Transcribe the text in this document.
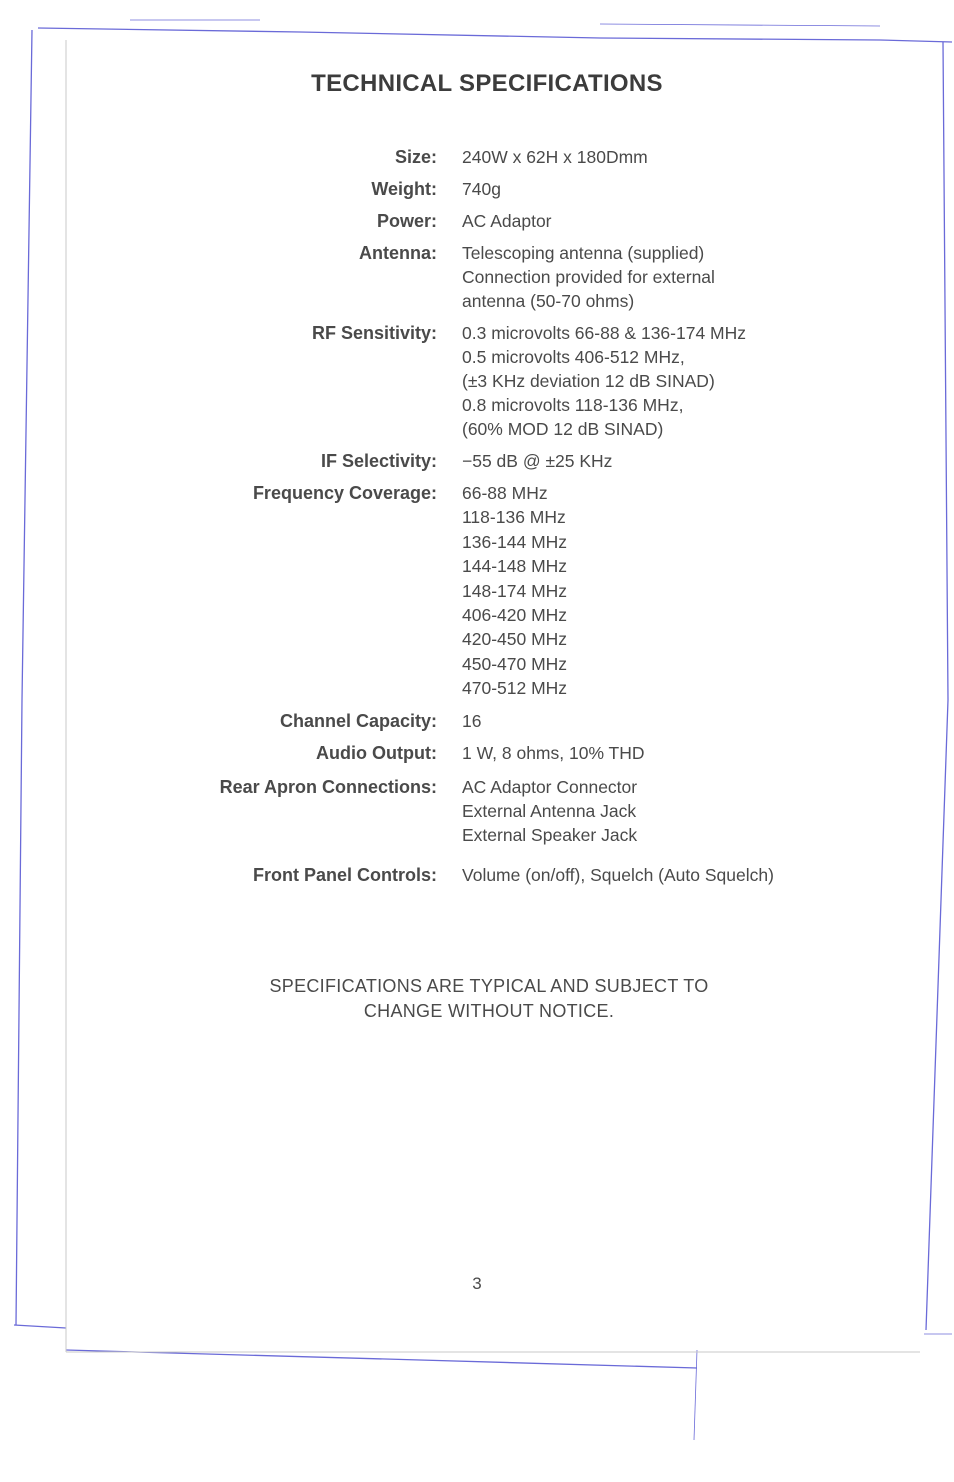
TECHNICAL SPECIFICATIONS
Size: 240W x 62H x 180Dmm
Weight: 740g
Power: AC Adaptor
Antenna: Telescoping antenna (supplied)
Connection provided for external
antenna (50-70 ohms)
RF Sensitivity: 0.3 microvolts 66-88 & 136-174 MHz
0.5 microvolts 406-512 MHz,
(±3 KHz deviation 12 dB SINAD)
0.8 microvolts 118-136 MHz,
(60% MOD 12 dB SINAD)
IF Selectivity: −55 dB @ ±25 KHz
Frequency Coverage: 66-88 MHz
118-136 MHz
136-144 MHz
144-148 MHz
148-174 MHz
406-420 MHz
420-450 MHz
450-470 MHz
470-512 MHz
Channel Capacity: 16
Audio Output: 1 W, 8 ohms, 10% THD
Rear Apron Connections: AC Adaptor Connector
External Antenna Jack
External Speaker Jack
Front Panel Controls: Volume (on/off), Squelch (Auto Squelch)
SPECIFICATIONS ARE TYPICAL AND SUBJECT TO
CHANGE WITHOUT NOTICE.
3
